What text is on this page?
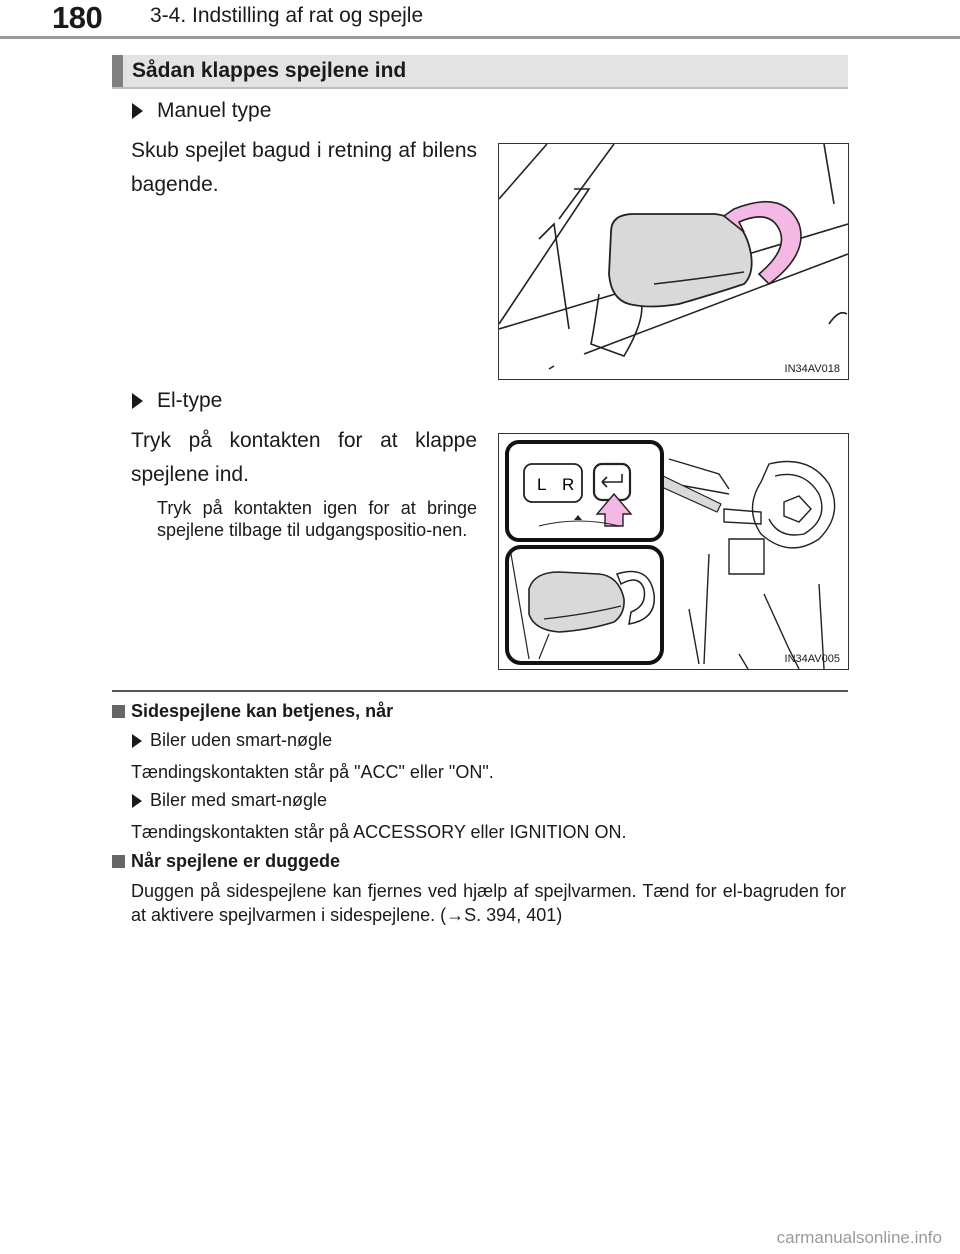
180 3-4. Indstilling af rat og spejle
Sådan klappes spejlene ind
Manuel type
Skub spejlet bagud i retning af bilens bagende.
IN34AV018
El-type
Tryk på kontakten for at klappe spejlene ind.
Tryk på kontakten igen for at bringe spejlene tilbage til udgangspositio-nen.
L R
IN34AV005
Sidespejlene kan betjenes, når
Biler uden smart-nøgle
Tændingskontakten står på "ACC" eller "ON".
Biler med smart-nøgle
Tændingskontakten står på ACCESSORY eller IGNITION ON.
Når spejlene er duggede
Duggen på sidespejlene kan fjernes ved hjælp af spejlvarmen. Tænd for el-bagruden for at aktivere spejlvarmen i sidespejlene. (→S. 394, 401)
carmanualsonline.info
